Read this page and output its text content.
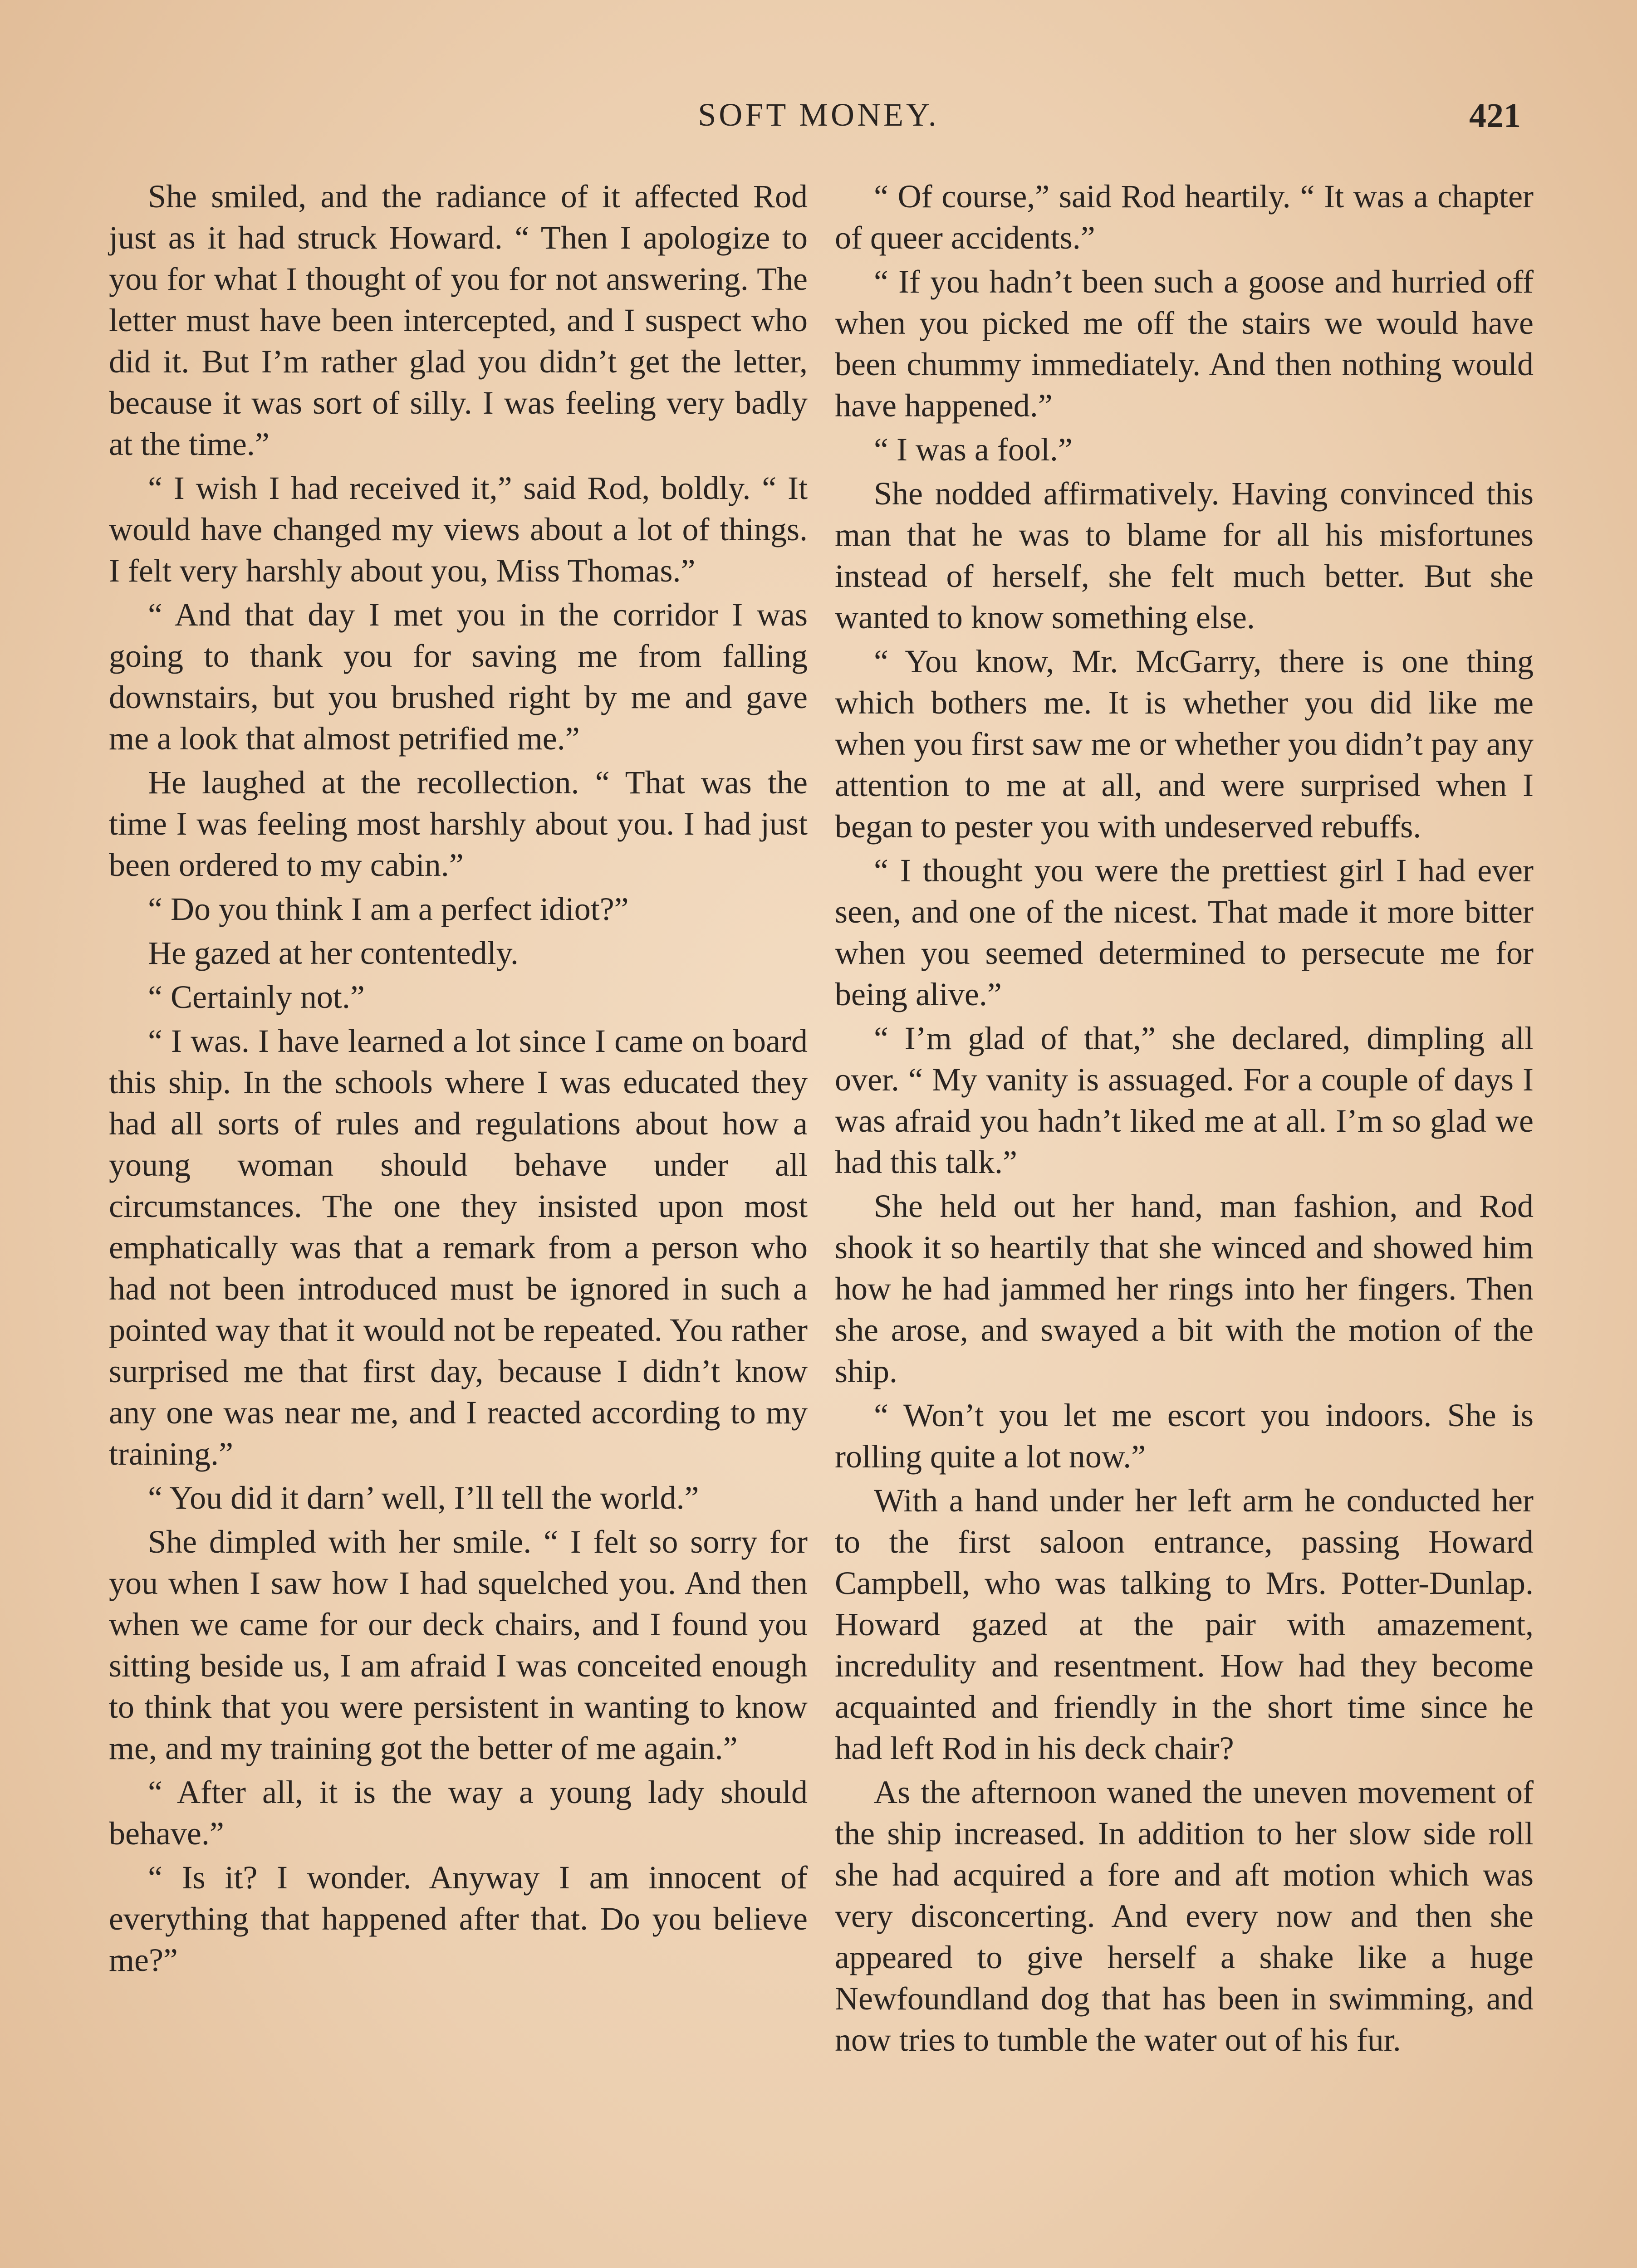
SOFT MONEY.	421

She smiled, and the radiance of it affected Rod just as it had struck Howard. “ Then I apologize to you for what I thought of you for not answering. The letter must have been intercepted, and I suspect who did it. But I’m rather glad you didn’t get the letter, because it was sort of silly. I was feeling very badly at the time.”

“ I wish I had received it,” said Rod, boldly. “ It would have changed my views about a lot of things. I felt very harshly about you, Miss Thomas.”

“ And that day I met you in the corridor I was going to thank you for saving me from falling downstairs, but you brushed right by me and gave me a look that almost petrified me.”

He laughed at the recollection. “ That was the time I was feeling most harshly about you. I had just been ordered to my cabin.”

“ Do you think I am a perfect idiot?”

He gazed at her contentedly.

“ Certainly not.”

“ I was. I have learned a lot since I came on board this ship. In the schools where I was educated they had all sorts of rules and regulations about how a young woman should behave under all circumstances. The one they insisted upon most emphatically was that a remark from a person who had not been introduced must be ignored in such a pointed way that it would not be repeated. You rather surprised me that first day, because I didn’t know any one was near me, and I reacted according to my training.”

“ You did it darn’ well, I’ll tell the world.”

She dimpled with her smile. “ I felt so sorry for you when I saw how I had squelched you. And then when we came for our deck chairs, and I found you sitting beside us, I am afraid I was conceited enough to think that you were persistent in wanting to know me, and my training got the better of me again.”

“ After all, it is the way a young lady should behave.”

“ Is it? I wonder. Anyway I am innocent of everything that happened after that. Do you believe me?”

“ Of course,” said Rod heartily. “ It was a chapter of queer accidents.”

“ If you hadn’t been such a goose and hurried off when you picked me off the stairs we would have been chummy immediately. And then nothing would have happened.”

“ I was a fool.”

She nodded affirmatively. Having convinced this man that he was to blame for all his misfortunes instead of herself, she felt much better. But she wanted to know something else.

“ You know, Mr. McGarry, there is one thing which bothers me. It is whether you did like me when you first saw me or whether you didn’t pay any attention to me at all, and were surprised when I began to pester you with undeserved rebuffs.

“ I thought you were the prettiest girl I had ever seen, and one of the nicest. That made it more bitter when you seemed determined to persecute me for being alive.”

“ I’m glad of that,” she declared, dimpling all over. “ My vanity is assuaged. For a couple of days I was afraid you hadn’t liked me at all. I’m so glad we had this talk.”

She held out her hand, man fashion, and Rod shook it so heartily that she winced and showed him how he had jammed her rings into her fingers. Then she arose, and swayed a bit with the motion of the ship.

“ Won’t you let me escort you indoors. She is rolling quite a lot now.”

With a hand under her left arm he conducted her to the first saloon entrance, passing Howard Campbell, who was talking to Mrs. Potter-Dunlap. Howard gazed at the pair with amazement, incredulity and resentment. How had they become acquainted and friendly in the short time since he had left Rod in his deck chair?

As the afternoon waned the uneven movement of the ship increased. In addition to her slow side roll she had acquired a fore and aft motion which was very disconcerting. And every now and then she appeared to give herself a shake like a huge Newfoundland dog that has been in swimming, and now tries to tumble the water out of his fur.
